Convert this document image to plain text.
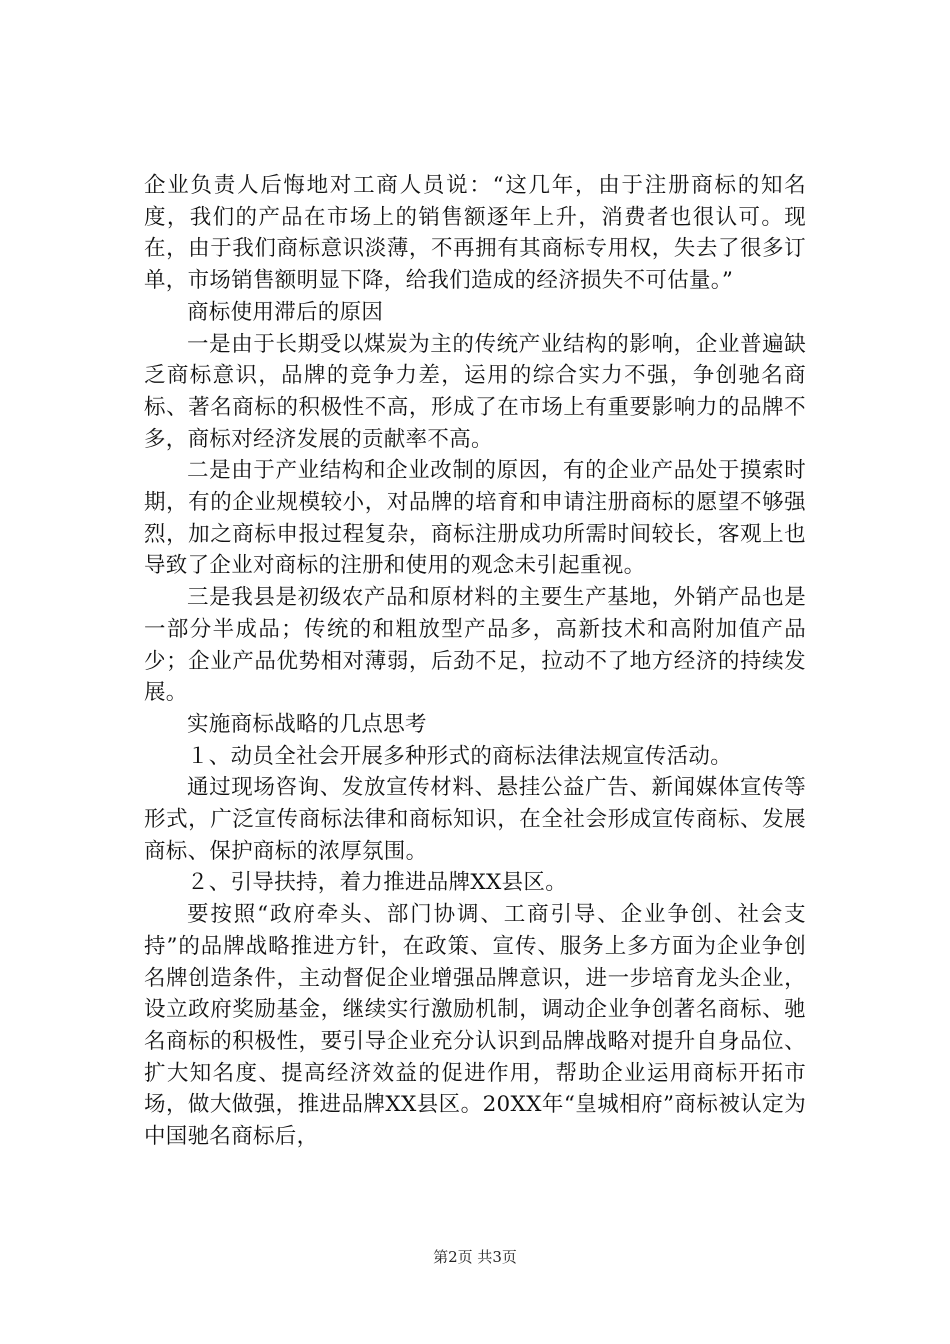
企业负责人后悔地对工商人员说：“这几年，由于注册商标的知名度，我们的产品在市场上的销售额逐年上升，消费者也很认可。现在，由于我们商标意识淡薄，不再拥有其商标专用权，失去了很多订单，市场销售额明显下降，给我们造成的经济损失不可估量。”

商标使用滞后的原因

一是由于长期受以煤炭为主的传统产业结构的影响，企业普遍缺乏商标意识，品牌的竞争力差，运用的综合实力不强，争创驰名商标、著名商标的积极性不高，形成了在市场上有重要影响力的品牌不多，商标对经济发展的贡献率不高。

二是由于产业结构和企业改制的原因，有的企业产品处于摸索时期，有的企业规模较小，对品牌的培育和申请注册商标的愿望不够强烈，加之商标申报过程复杂，商标注册成功所需时间较长，客观上也导致了企业对商标的注册和使用的观念未引起重视。

三是我县是初级农产品和原材料的主要生产基地，外销产品也是一部分半成品；传统的和粗放型产品多，高新技术和高附加值产品少；企业产品优势相对薄弱，后劲不足，拉动不了地方经济的持续发展。

实施商标战略的几点思考

１、动员全社会开展多种形式的商标法律法规宣传活动。

通过现场咨询、发放宣传材料、悬挂公益广告、新闻媒体宣传等形式，广泛宣传商标法律和商标知识，在全社会形成宣传商标、发展商标、保护商标的浓厚氛围。

２、引导扶持，着力推进品牌XX县区。

要按照“政府牵头、部门协调、工商引导、企业争创、社会支持”的品牌战略推进方针，在政策、宣传、服务上多方面为企业争创名牌创造条件，主动督促企业增强品牌意识，进一步培育龙头企业，设立政府奖励基金，继续实行激励机制，调动企业争创著名商标、驰名商标的积极性，要引导企业充分认识到品牌战略对提升自身品位、扩大知名度、提高经济效益的促进作用，帮助企业运用商标开拓市场，做大做强，推进品牌XX县区。20XX年“皇城相府”商标被认定为中国驰名商标后，

第2页 共3页
